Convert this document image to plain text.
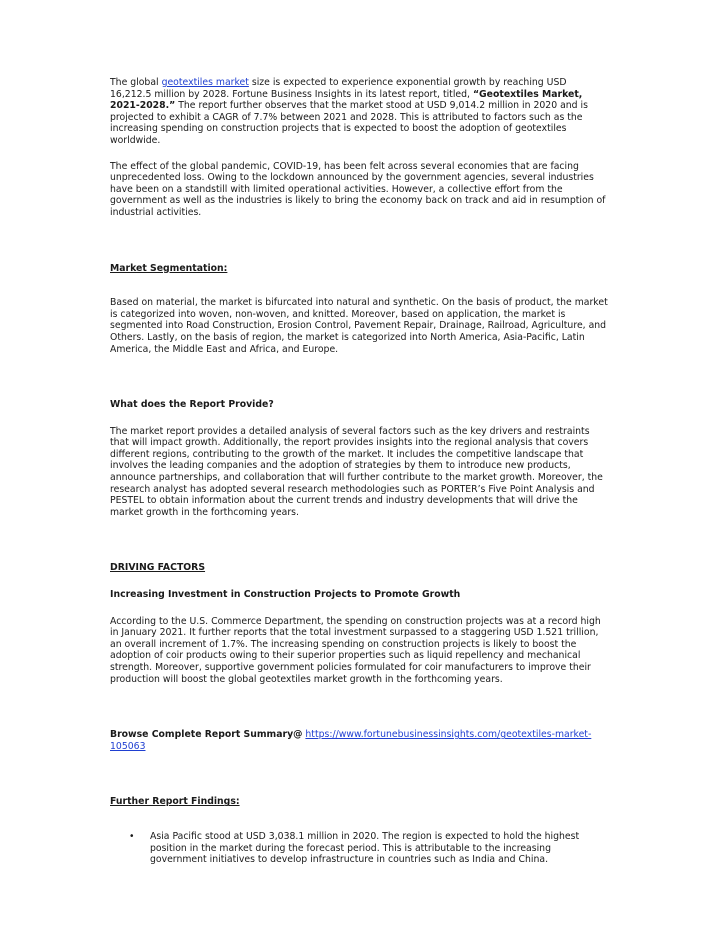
The global geotextiles market size is expected to experience exponential growth by reaching USD 16,212.5 million by 2028. Fortune Business Insights in its latest report, titled, “Geotextiles Market, 2021-2028.” The report further observes that the market stood at USD 9,014.2 million in 2020 and is projected to exhibit a CAGR of 7.7% between 2021 and 2028. This is attributed to factors such as the increasing spending on construction projects that is expected to boost the adoption of geotextiles worldwide.

The effect of the global pandemic, COVID-19, has been felt across several economies that are facing unprecedented loss. Owing to the lockdown announced by the government agencies, several industries have been on a standstill with limited operational activities. However, a collective effort from the government as well as the industries is likely to bring the economy back on track and aid in resumption of industrial activities.

Market Segmentation:

Based on material, the market is bifurcated into natural and synthetic. On the basis of product, the market is categorized into woven, non-woven, and knitted. Moreover, based on application, the market is segmented into Road Construction, Erosion Control, Pavement Repair, Drainage, Railroad, Agriculture, and Others. Lastly, on the basis of region, the market is categorized into North America, Asia-Pacific, Latin America, the Middle East and Africa, and Europe.

What does the Report Provide?

The market report provides a detailed analysis of several factors such as the key drivers and restraints that will impact growth. Additionally, the report provides insights into the regional analysis that covers different regions, contributing to the growth of the market. It includes the competitive landscape that involves the leading companies and the adoption of strategies by them to introduce new products, announce partnerships, and collaboration that will further contribute to the market growth. Moreover, the research analyst has adopted several research methodologies such as PORTER’s Five Point Analysis and PESTEL to obtain information about the current trends and industry developments that will drive the market growth in the forthcoming years.

DRIVING FACTORS

Increasing Investment in Construction Projects to Promote Growth

According to the U.S. Commerce Department, the spending on construction projects was at a record high in January 2021. It further reports that the total investment surpassed to a staggering USD 1.521 trillion, an overall increment of 1.7%. The increasing spending on construction projects is likely to boost the adoption of coir products owing to their superior properties such as liquid repellency and mechanical strength. Moreover, supportive government policies formulated for coir manufacturers to improve their production will boost the global geotextiles market growth in the forthcoming years.

Browse Complete Report Summary@ https://www.fortunebusinessinsights.com/geotextiles-market-105063

Further Report Findings:

• Asia Pacific stood at USD 3,038.1 million in 2020. The region is expected to hold the highest position in the market during the forecast period. This is attributable to the increasing government initiatives to develop infrastructure in countries such as India and China.
